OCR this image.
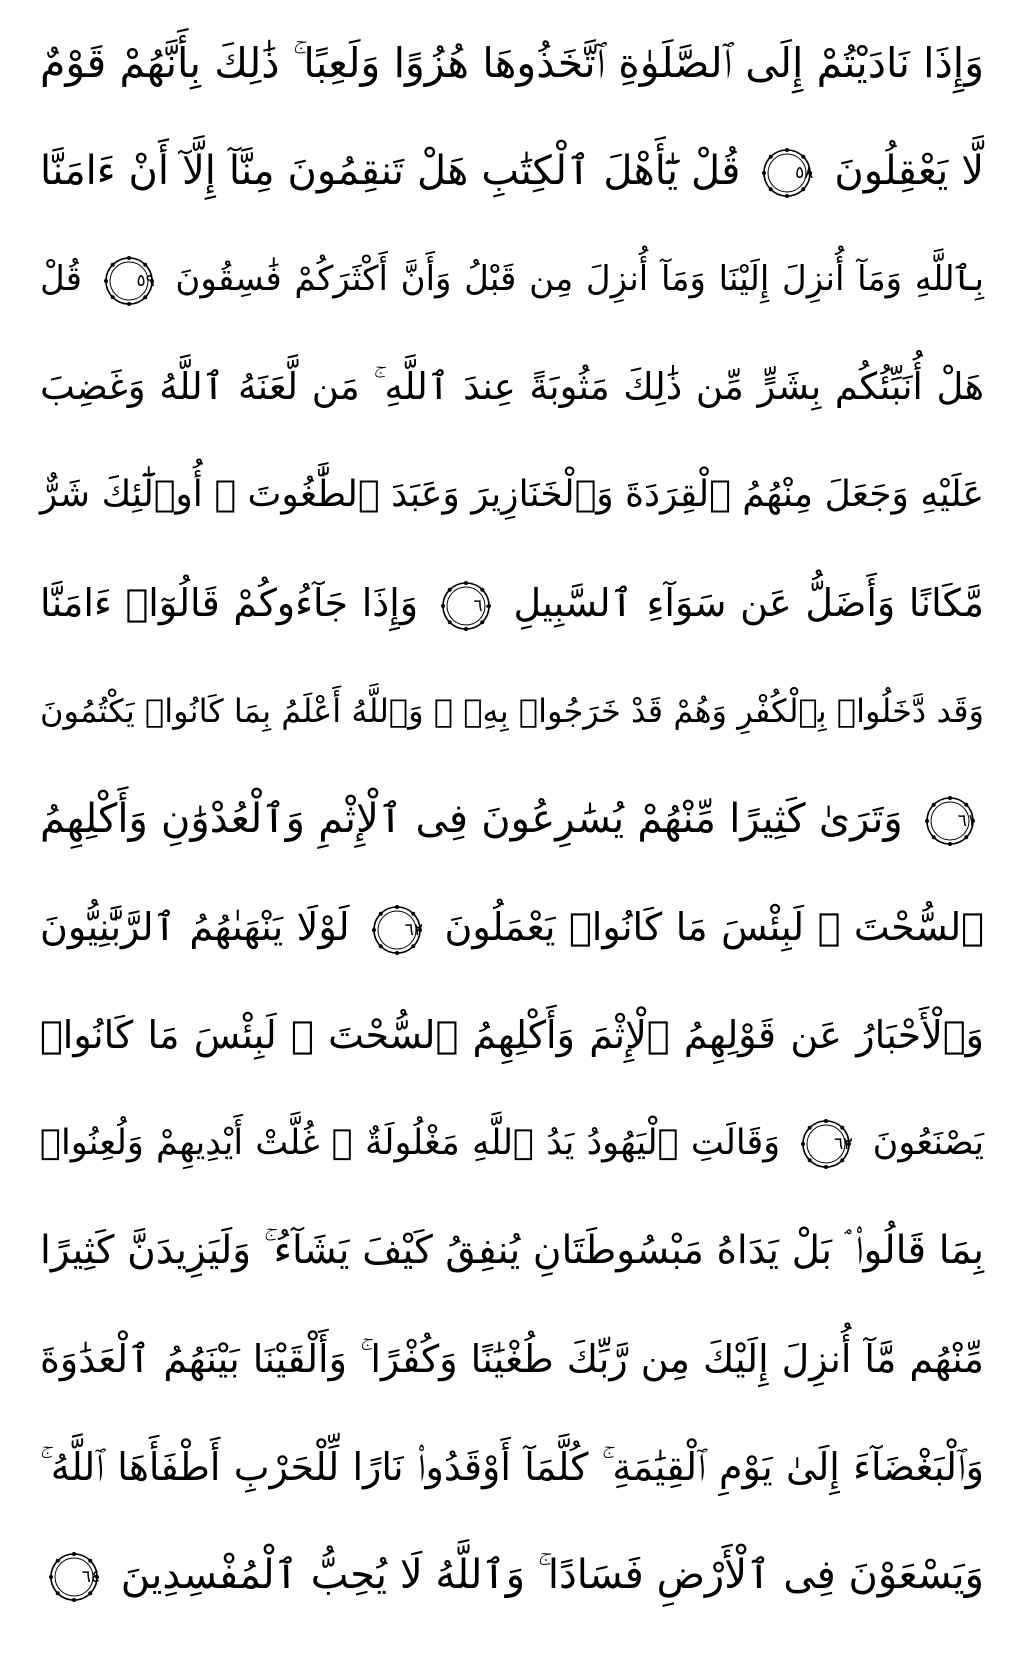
وَإِذَا نَادَيْتُمْ إِلَى ٱلصَّلَوٰةِ ٱتَّخَذُوهَا هُزُوًا وَلَعِبًا ۚ ذَٰلِكَ بِأَنَّهُمْ قَوْمٌ
لَّا يَعْقِلُونَ
٥٨
قُلْ يَٰٓأَهْلَ ٱلْكِتَٰبِ هَلْ تَنقِمُونَ مِنَّآ إِلَّآ أَنْ ءَامَنَّا
بِٱللَّهِ وَمَآ أُنزِلَ إِلَيْنَا وَمَآ أُنزِلَ مِن قَبْلُ وَأَنَّ أَكْثَرَكُمْ فَٰسِقُونَ
٥٩
قُلْ
هَلْ أُنَبِّئُكُم بِشَرٍّ مِّن ذَٰلِكَ مَثُوبَةً عِندَ ٱللَّهِ ۚ مَن لَّعَنَهُ ٱللَّهُ وَغَضِبَ
عَلَيْهِ وَجَعَلَ مِنْهُمُ ٱلْقِرَدَةَ وَٱلْخَنَازِيرَ وَعَبَدَ ٱلطَّٰغُوتَ ۚ أُو۟لَٰٓئِكَ شَرٌّ
مَّكَانًا وَأَضَلُّ عَن سَوَآءِ ٱلسَّبِيلِ
٦٠
وَإِذَا جَآءُوكُمْ قَالُوٓا۟ ءَامَنَّا
وَقَد دَّخَلُوا۟ بِٱلْكُفْرِ وَهُمْ قَدْ خَرَجُوا۟ بِهِۦ ۚ وَٱللَّهُ أَعْلَمُ بِمَا كَانُوا۟ يَكْتُمُونَ
٦١
وَتَرَىٰ كَثِيرًا مِّنْهُمْ يُسَٰرِعُونَ فِى ٱلْإِثْمِ وَٱلْعُدْوَٰنِ وَأَكْلِهِمُ
ٱلسُّحْتَ ۚ لَبِئْسَ مَا كَانُوا۟ يَعْمَلُونَ
٦٢
لَوْلَا يَنْهَىٰهُمُ ٱلرَّبَّٰنِيُّونَ
وَٱلْأَحْبَارُ عَن قَوْلِهِمُ ٱلْإِثْمَ وَأَكْلِهِمُ ٱلسُّحْتَ ۚ لَبِئْسَ مَا كَانُوا۟
يَصْنَعُونَ
٦٣
وَقَالَتِ ٱلْيَهُودُ يَدُ ٱللَّهِ مَغْلُولَةٌ ۚ غُلَّتْ أَيْدِيهِمْ وَلُعِنُوا۟
بِمَا قَالُوا۟ ۘ بَلْ يَدَاهُ مَبْسُوطَتَانِ يُنفِقُ كَيْفَ يَشَآءُ ۚ وَلَيَزِيدَنَّ كَثِيرًا
مِّنْهُم مَّآ أُنزِلَ إِلَيْكَ مِن رَّبِّكَ طُغْيَٰنًا وَكُفْرًا ۚ وَأَلْقَيْنَا بَيْنَهُمُ ٱلْعَدَٰوَةَ
وَٱلْبَغْضَآءَ إِلَىٰ يَوْمِ ٱلْقِيَٰمَةِ ۚ كُلَّمَآ أَوْقَدُوا۟ نَارًا لِّلْحَرْبِ أَطْفَأَهَا ٱللَّهُ ۚ
وَيَسْعَوْنَ فِى ٱلْأَرْضِ فَسَادًا ۚ وَٱللَّهُ لَا يُحِبُّ ٱلْمُفْسِدِينَ
٦٤
